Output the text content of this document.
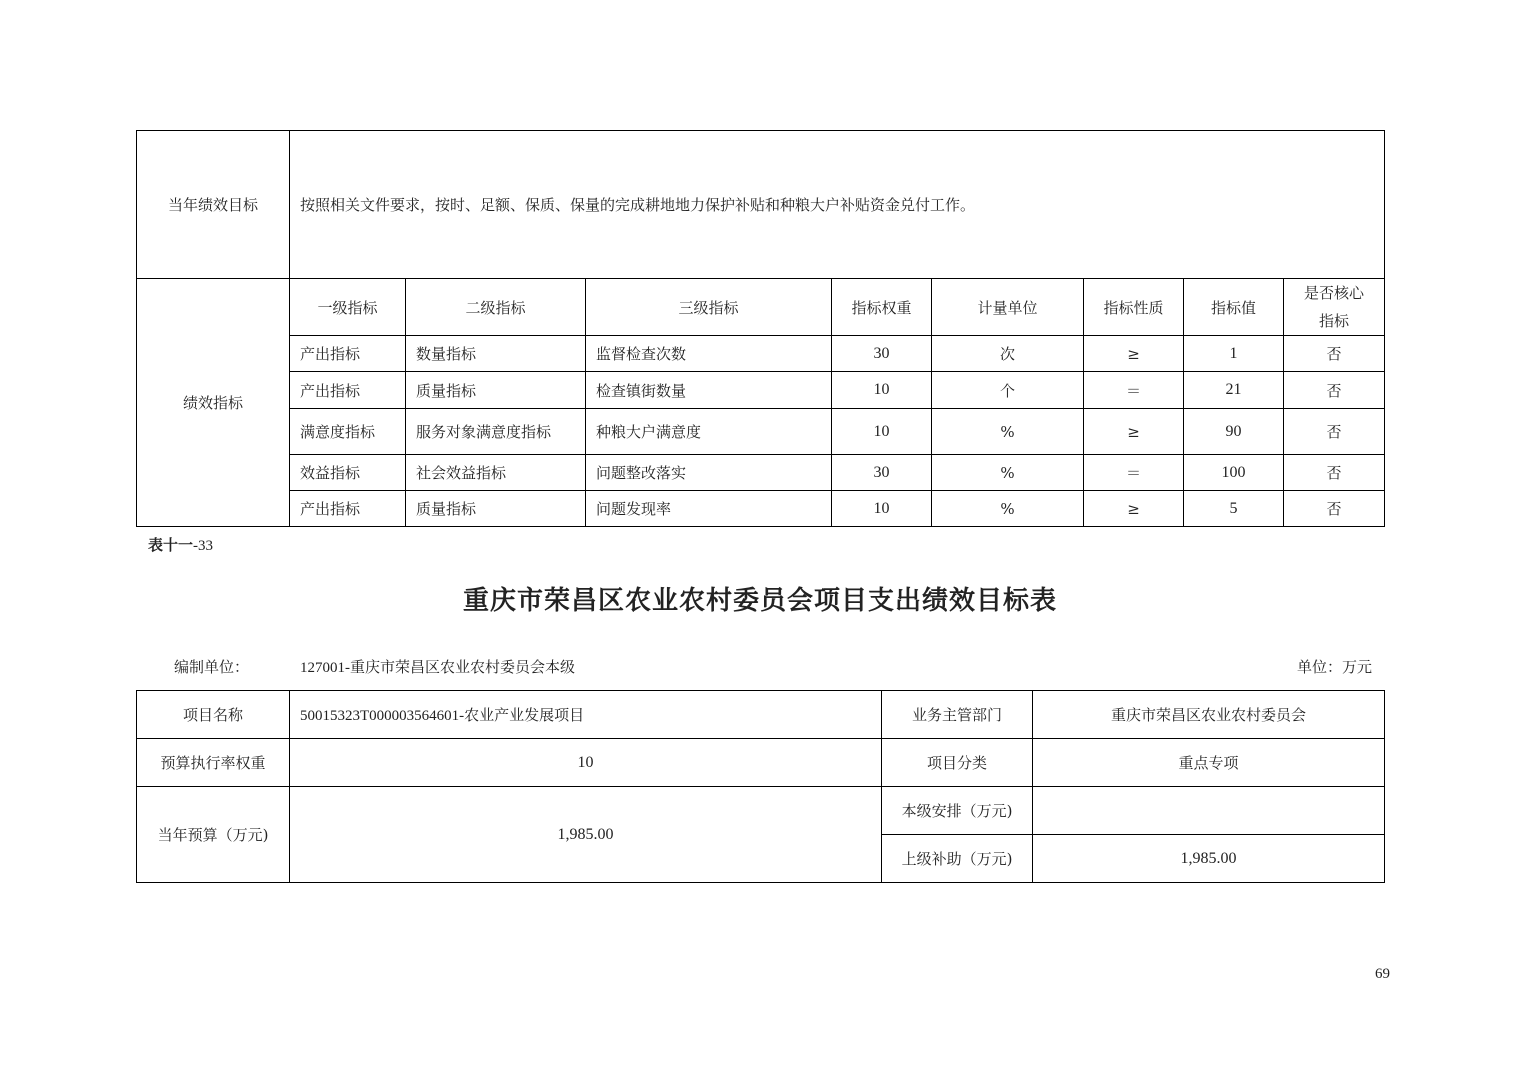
当年绩效目标	按照相关文件要求，按时、足额、保质、保量的完成耕地地力保护补贴和种粮大户补贴资金兑付工作。							
绩效指标	一级指标	二级指标	三级指标	指标权重	计量单位	指标性质	指标值	是否核心
指标
	产出指标	数量指标	监督检查次数	30	次	≥	1	否
	产出指标	质量指标	检查镇街数量	10	个	＝	21	否
	满意度指标	服务对象满意度指标	种粮大户满意度	10	%	≥	90	否
	效益指标	社会效益指标	问题整改落实	30	%	＝	100	否
	产出指标	质量指标	问题发现率	10	%	≥	5	否
表十一-33
重庆市荣昌区农业农村委员会项目支出绩效目标表
编制单位：	127001-重庆市荣昌区农业农村委员会本级	单位：万元
项目名称	50015323T000003564601-农业产业发展项目	业务主管部门	重庆市荣昌区农业农村委员会
预算执行率权重	10	项目分类	重点专项
当年预算（万元)	1,985.00	本级安排（万元)	
		上级补助（万元)	1,985.00
69
